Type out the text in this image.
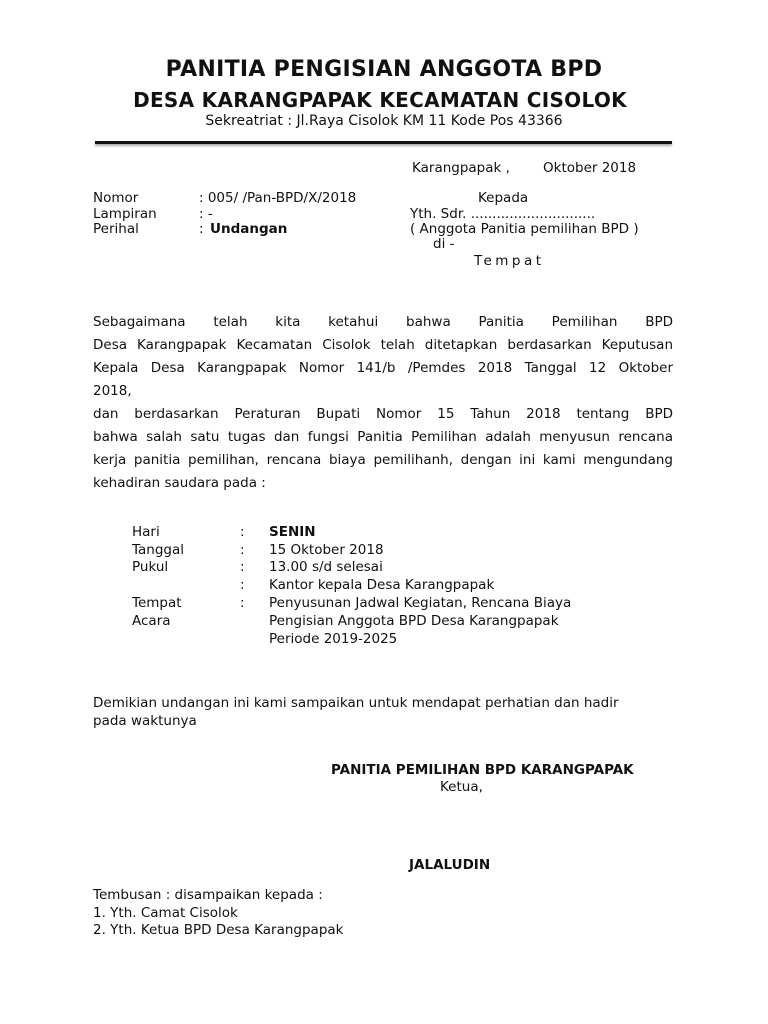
PANITIA PENGISIAN ANGGOTA BPD
DESA KARANGPAPAK KECAMATAN CISOLOK
Sekreatriat : Jl.Raya Cisolok KM 11 Kode Pos 43366
Karangpapak , Oktober 2018
Nomor	: 005/ /Pan-BPD/X/2018
Lampiran	: -
Perihal	: Undangan
Kepada
Yth. Sdr. .............................
( Anggota Panitia pemilihan BPD )
di -
Tempat
Sebagaimana telah kita ketahui bahwa Panitia Pemilihan BPD
Desa Karangpapak Kecamatan Cisolok telah ditetapkan berdasarkan Keputusan
Kepala Desa Karangpapak Nomor 141/b /Pemdes 2018 Tanggal 12 Oktober
2018,
dan berdasarkan Peraturan Bupati Nomor 15 Tahun 2018 tentang BPD
bahwa salah satu tugas dan fungsi Panitia Pemilihan adalah menyusun rencana
kerja panitia pemilihan, rencana biaya pemilihanh, dengan ini kami mengundang
kehadiran saudara pada :
Hari	: SENIN
Tanggal	: 15 Oktober 2018
Pukul	: 13.00 s/d selesai
: Kantor kepala Desa Karangpapak
Tempat	: Penyusunan Jadwal Kegiatan, Rencana Biaya
Acara	Pengisian Anggota BPD Desa Karangpapak
Periode 2019-2025
Demikian undangan ini kami sampaikan untuk mendapat perhatian dan hadir
pada waktunya
PANITIA PEMILIHAN BPD KARANGPAPAK
Ketua,
JALALUDIN
Tembusan : disampaikan kepada :
1. Yth. Camat Cisolok
2. Yth. Ketua BPD Desa Karangpapak
